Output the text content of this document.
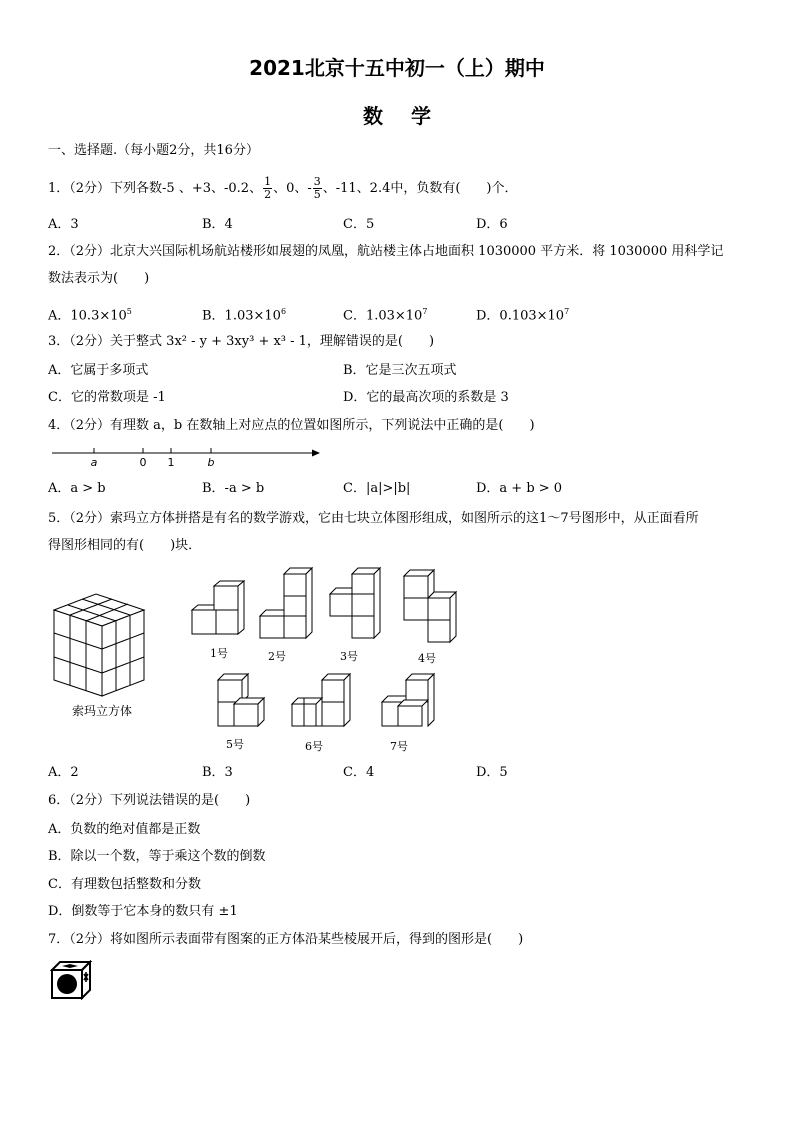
2021北京十五中初一（上）期中
数学
一、选择题.（每小题2分，共16分）
1．（2分）下列各数-5 、+3、-0.2、 $\frac{1}{2}$ 、0、- $\frac{3}{5}$ 、-11、2.4中，负数有(　　)个．
A．3	B．4	C．5	D．6
2．（2分）北京大兴国际机场航站楼形如展翅的凤凰，航站楼主体占地面积 1030000 平方米．将 1030000 用科学记
数法表示为(　　)
A．$10.3\times 10^5$	B．$1.03\times 10^6$	C．$1.03\times 10^7$	D．$0.103\times 10^7$
3．（2分）关于整式 3x² - y + 3xy³ + x³ - 1，理解错误的是(　　)
A．它属于多项式	B．它是三次五项式
C．它的常数项是 -1	D．它的最高次项的系数是 3
4．（2分）有理数 a，b 在数轴上对应点的位置如图所示，下列说法中正确的是(　　)
a	0 1	b
A．a > b	B．-a > b	C．|a|>|b|	D．a + b > 0
5．（2分）索玛立方体拼搭是有名的数学游戏，它由七块立体图形组成，如图所示的这1～7号图形中，从正面看所
得图形相同的有(　　)块．
索玛立方体
1号	2号	3号	4号
5号	6号	7号
A．2	B．3	C．4	D．5
6．（2分）下列说法错误的是(　　)
A．负数的绝对值都是正数
B．除以一个数，等于乘这个数的倒数
C．有理数包括整数和分数
D．倒数等于它本身的数只有 ±1
7．（2分）将如图所示表面带有图案的正方体沿某些棱展开后，得到的图形是(　　)
